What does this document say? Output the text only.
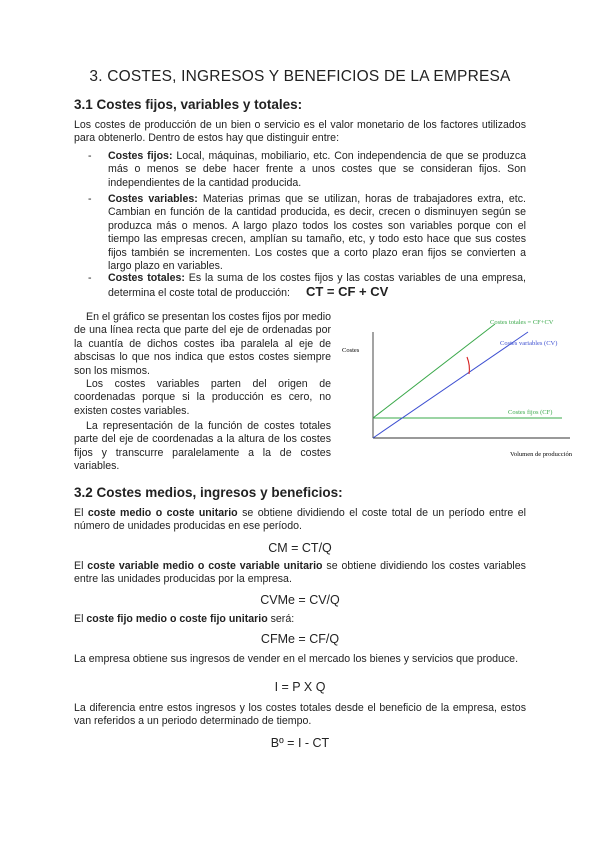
3. COSTES, INGRESOS Y BENEFICIOS DE LA EMPRESA
3.1 Costes fijos, variables y totales:
Los costes de producción de un bien o servicio es el valor monetario de los factores utilizados para obtenerlo. Dentro de estos hay que distinguir entre:
- Costes fijos: Local, máquinas, mobiliario, etc. Con independencia de que se produzca más o menos se debe hacer frente a unos costes que se consideran fijos. Son independientes de la cantidad producida.
- Costes variables: Materias primas que se utilizan, horas de trabajadores extra, etc. Cambian en función de la cantidad producida, es decir, crecen o disminuyen según se produzca más o menos. A largo plazo todos los costes son variables porque con el tiempo las empresas crecen, amplían su tamaño, etc, y todo esto hace que sus costes fijos también se incrementen. Los costes que a corto plazo eran fijos se convierten a largo plazo en variables.
- Costes totales: Es la suma de los costes fijos y las costas variables de una empresa, determina el coste total de producción: CT = CF + CV
En el gráfico se presentan los costes fijos por medio de una línea recta que parte del eje de ordenadas por la cuantía de dichos costes iba paralela al eje de abscisas lo que nos indica que estos costes siempre son los mismos.
Los costes variables parten del origen de coordenadas porque si la producción es cero, no existen costes variables.
La representación de la función de costes totales parte del eje de coordenadas a la altura de los costes fijos y transcurre paralelamente a la de costes variables.
Costes
Volumen de producción
Costes totales = CF+CV
Costes variables (CV)
Costes fijos (CF)
3.2 Costes medios, ingresos y beneficios:
El coste medio o coste unitario se obtiene dividiendo el coste total de un período entre el número de unidades producidas en ese período.
CM = CT/Q
El coste variable medio o coste variable unitario se obtiene dividiendo los costes variables entre las unidades producidas por la empresa.
CVMe = CV/Q
El coste fijo medio o coste fijo unitario será:
CFMe = CF/Q
La empresa obtiene sus ingresos de vender en el mercado los bienes y servicios que produce.
I = P X Q
La diferencia entre estos ingresos y los costes totales desde el beneficio de la empresa, estos van referidos a un periodo determinado de tiempo.
Bº = I - CT
